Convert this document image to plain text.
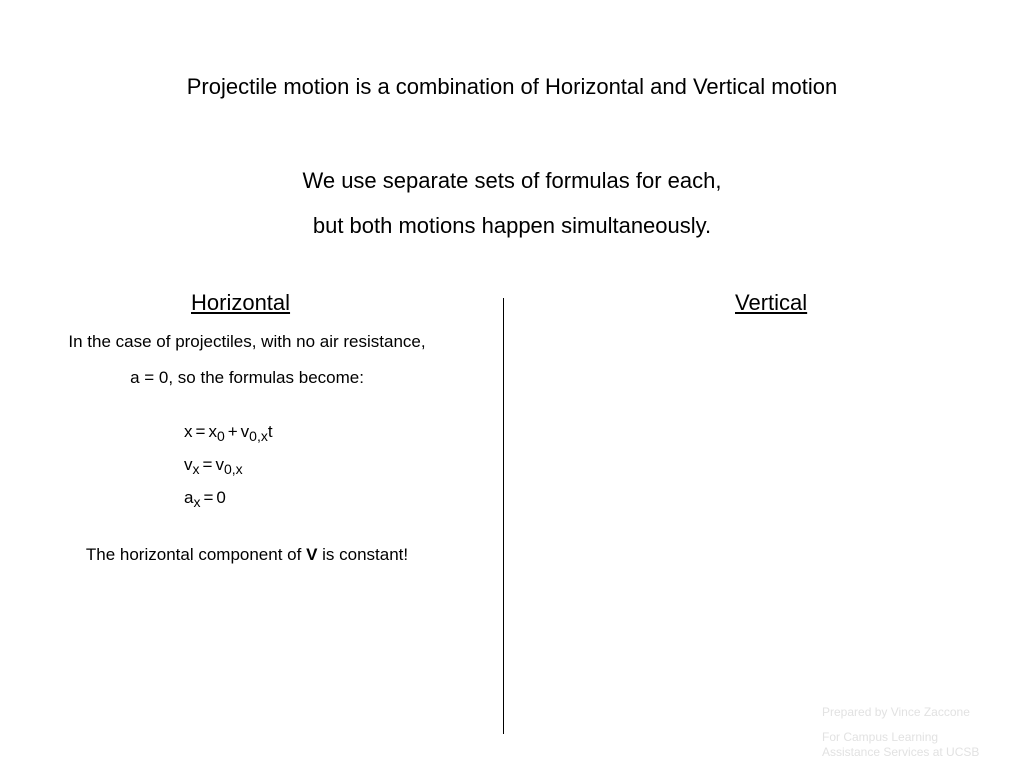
Projectile motion is a combination of Horizontal and Vertical motion
We use separate sets of formulas for each,
but both motions happen simultaneously.
Horizontal	Vertical
In the case of projectiles, with no air resistance,
a = 0, so the formulas become:
$x = x_0 + v_{0,x}t$
$v_x = v_{0,x}$
$a_x = 0$
The horizontal component of V is constant!
Prepared by Vince Zaccone
For Campus Learning
Assistance Services at UCSB
